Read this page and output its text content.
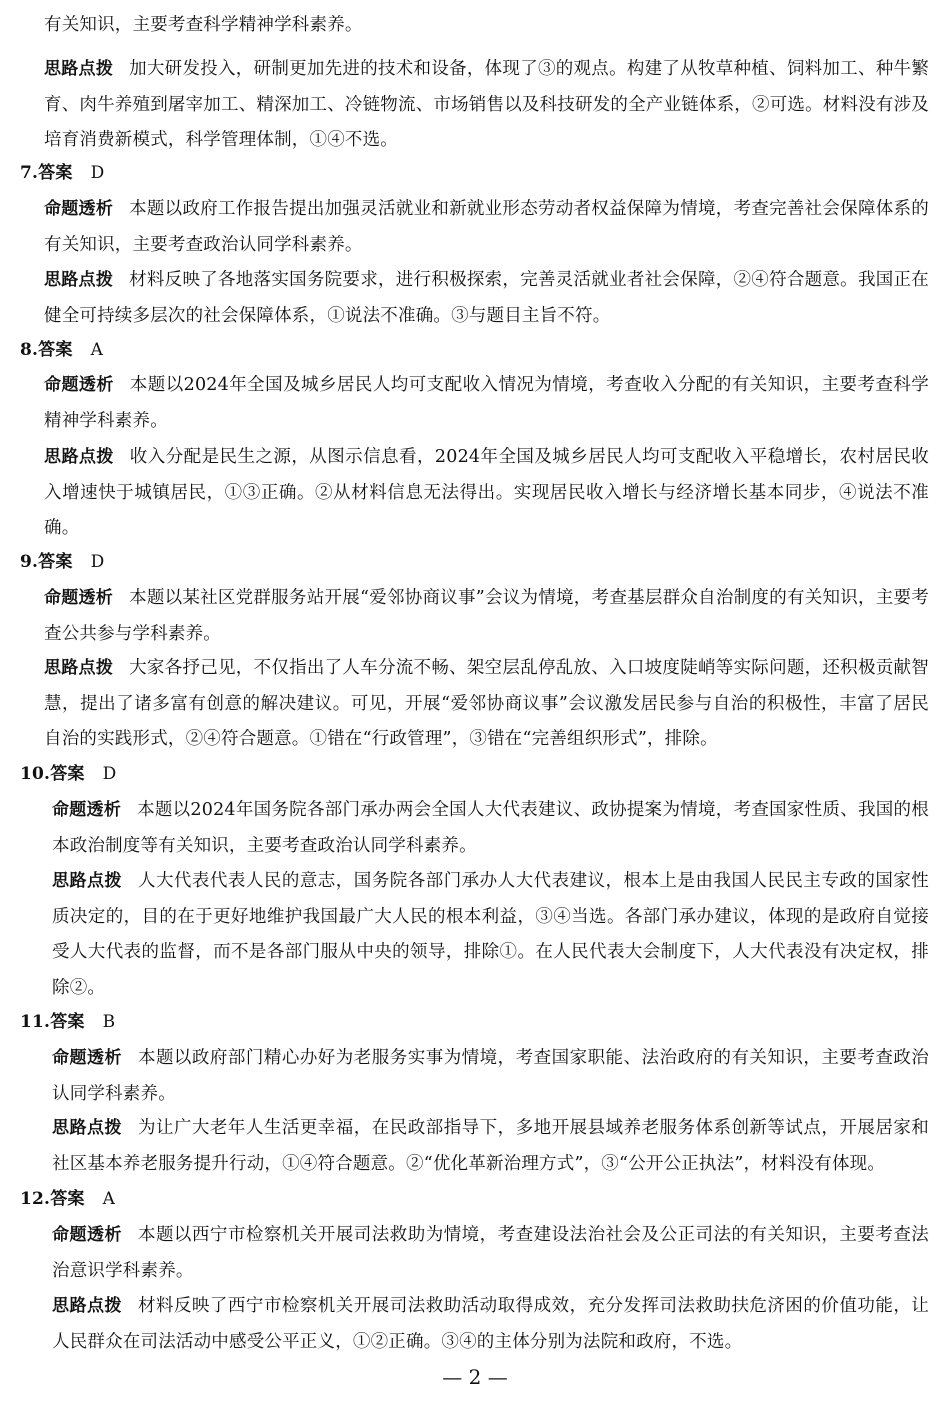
有关知识，主要考查科学精神学科素养。

思路点拨 加大研发投入，研制更加先进的技术和设备，体现了③的观点。构建了从牧草种植、饲料加工、种牛繁育、肉牛养殖到屠宰加工、精深加工、冷链物流、市场销售以及科技研发的全产业链体系，②可选。材料没有涉及培育消费新模式，科学管理体制，①④不选。

7.答案 D

命题透析 本题以政府工作报告提出加强灵活就业和新就业形态劳动者权益保障为情境，考查完善社会保障体系的有关知识，主要考查政治认同学科素养。

思路点拨 材料反映了各地落实国务院要求，进行积极探索，完善灵活就业者社会保障，②④符合题意。我国正在健全可持续多层次的社会保障体系，①说法不准确。③与题目主旨不符。

8.答案 A

命题透析 本题以2024年全国及城乡居民人均可支配收入情况为情境，考查收入分配的有关知识，主要考查科学精神学科素养。

思路点拨 收入分配是民生之源，从图示信息看，2024年全国及城乡居民人均可支配收入平稳增长，农村居民收入增速快于城镇居民，①③正确。②从材料信息无法得出。实现居民收入增长与经济增长基本同步，④说法不准确。

9.答案 D

命题透析 本题以某社区党群服务站开展“爱邻协商议事”会议为情境，考查基层群众自治制度的有关知识，主要考查公共参与学科素养。

思路点拨 大家各抒己见，不仅指出了人车分流不畅、架空层乱停乱放、入口坡度陡峭等实际问题，还积极贡献智慧，提出了诸多富有创意的解决建议。可见，开展“爱邻协商议事”会议激发居民参与自治的积极性，丰富了居民自治的实践形式，②④符合题意。①错在“行政管理”，③错在“完善组织形式”，排除。

10.答案 D

命题透析 本题以2024年国务院各部门承办两会全国人大代表建议、政协提案为情境，考查国家性质、我国的根本政治制度等有关知识，主要考查政治认同学科素养。

思路点拨 人大代表代表人民的意志，国务院各部门承办人大代表建议，根本上是由我国人民民主专政的国家性质决定的，目的在于更好地维护我国最广大人民的根本利益，③④当选。各部门承办建议，体现的是政府自觉接受人大代表的监督，而不是各部门服从中央的领导，排除①。在人民代表大会制度下，人大代表没有决定权，排除②。

11.答案 B

命题透析 本题以政府部门精心办好为老服务实事为情境，考查国家职能、法治政府的有关知识，主要考查政治认同学科素养。

思路点拨 为让广大老年人生活更幸福，在民政部指导下，多地开展县域养老服务体系创新等试点，开展居家和社区基本养老服务提升行动，①④符合题意。②“优化革新治理方式”，③“公开公正执法”，材料没有体现。

12.答案 A

命题透析 本题以西宁市检察机关开展司法救助为情境，考查建设法治社会及公正司法的有关知识，主要考查法治意识学科素养。

思路点拨 材料反映了西宁市检察机关开展司法救助活动取得成效，充分发挥司法救助扶危济困的价值功能，让人民群众在司法活动中感受公平正义，①②正确。③④的主体分别为法院和政府，不选。

— 2 —
